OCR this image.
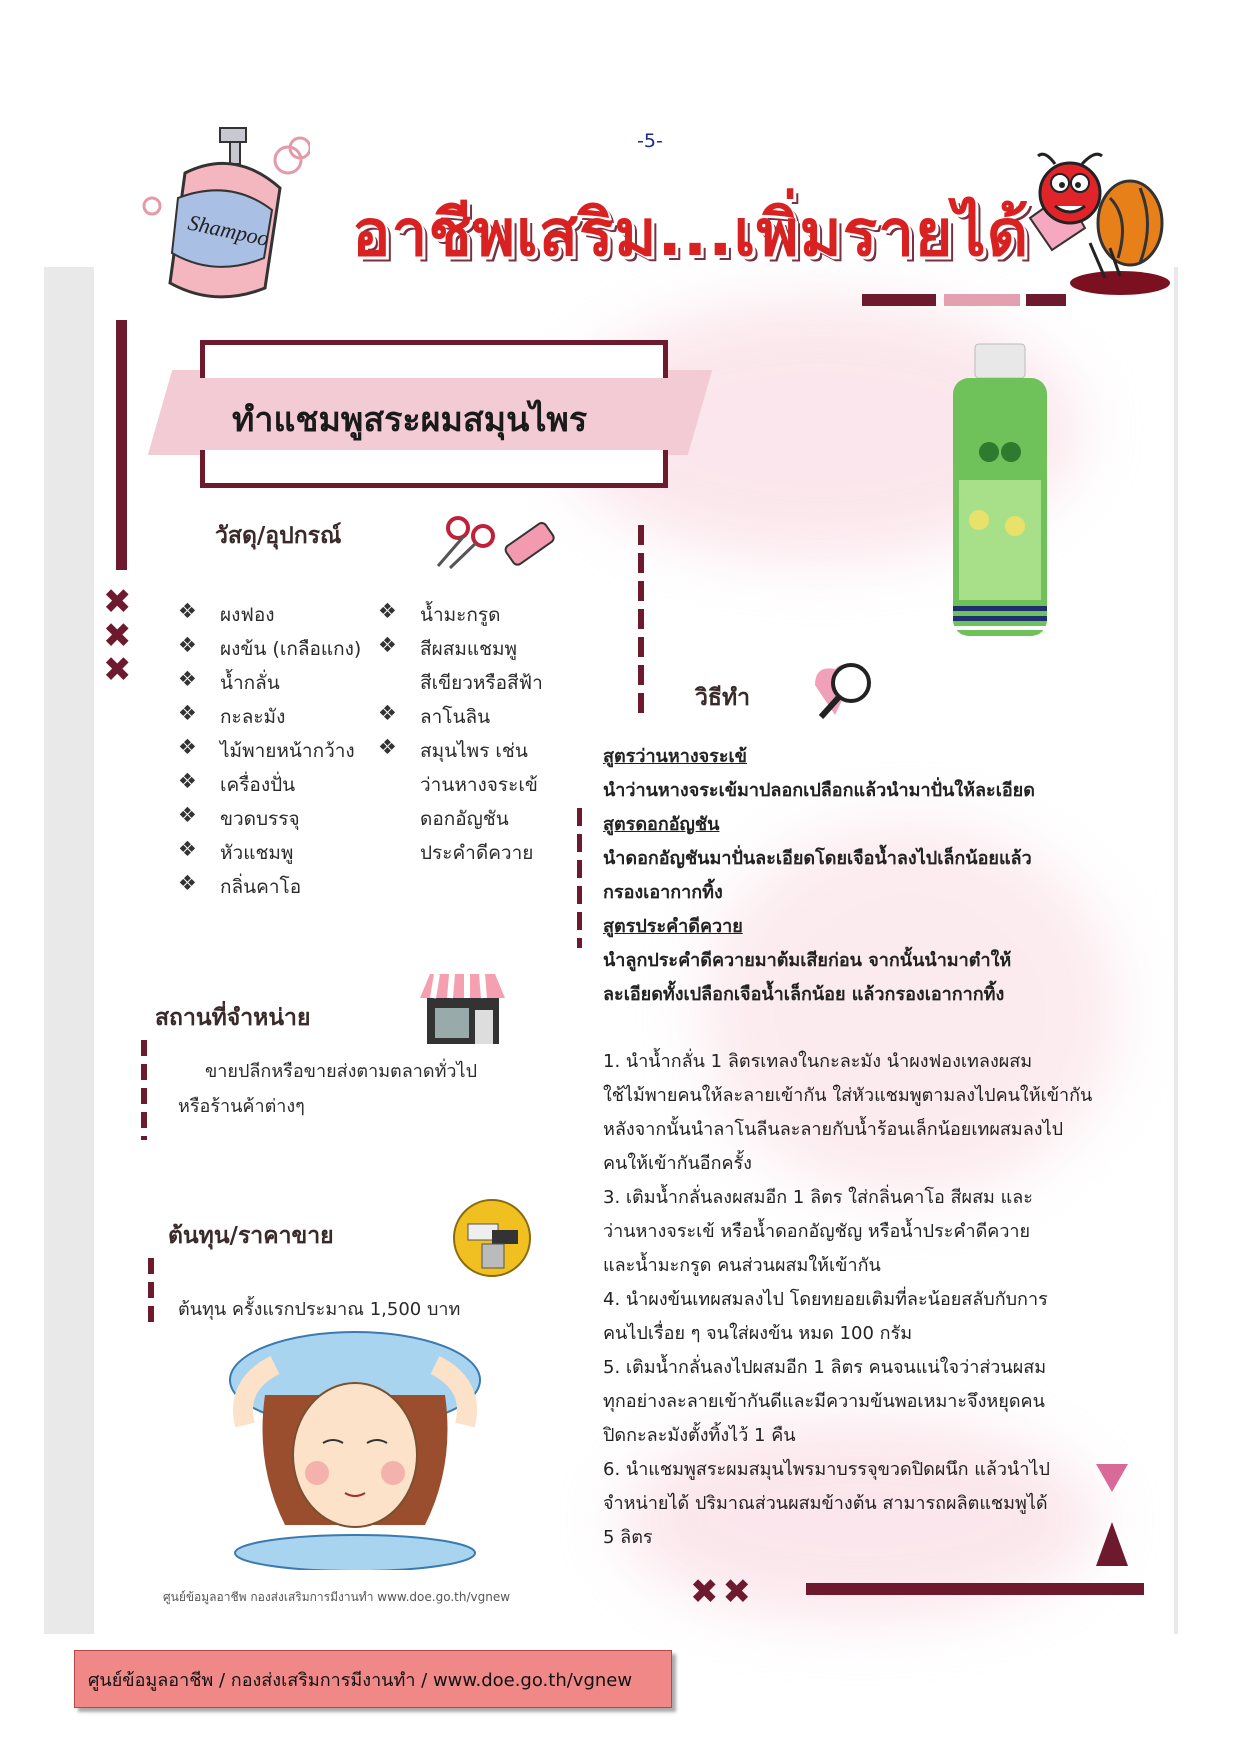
-5-
Shampoo อาชีพเสริม...เพิ่มรายได้
ทำแชมพูสระผมสมุนไพร
วัสดุ/อุปกรณ์
✖
✖
✖
❖ ผงฟอง
❖ ผงข้น (เกลือแกง)
❖ น้ำกลั่น
❖ กะละมัง
❖ ไม้พายหน้ากว้าง
❖ เครื่องปั่น
❖ ขวดบรรจุ
❖ หัวแชมพู
❖ กลิ่นคาโอ
❖ น้ำมะกรูด
❖ สีผสมแชมพู
สีเขียวหรือสีฟ้า
❖ ลาโนลิน
❖ สมุนไพร เช่น
ว่านหางจระเข้
ดอกอัญชัน
ประคำดีควาย
สถานที่จำหน่าย
ขายปลีกหรือขายส่งตามตลาดทั่วไป
หรือร้านค้าต่างๆ
ต้นทุน/ราคาขาย
ต้นทุน ครั้งแรกประมาณ 1,500 บาท
วิธีทำ
สูตรว่านหางจระเข้
นำว่านหางจระเข้มาปลอกเปลือกแล้วนำมาปั่นให้ละเอียด
สูตรดอกอัญชัน
นำดอกอัญชันมาปั่นละเอียดโดยเจือน้ำลงไปเล็กน้อยแล้ว
กรองเอากากทิ้ง
สูตรประคำดีควาย
นำลูกประคำดีควายมาต้มเสียก่อน จากนั้นนำมาตำให้
ละเอียดทั้งเปลือกเจือน้ำเล็กน้อย แล้วกรองเอากากทิ้ง
1. นำน้ำกลั่น 1 ลิตรเทลงในกะละมัง นำผงฟองเทลงผสม
ใช้ไม้พายคนให้ละลายเข้ากัน ใส่หัวแชมพูตามลงไปคนให้เข้ากัน
หลังจากนั้นนำลาโนลีนละลายกับน้ำร้อนเล็กน้อยเทผสมลงไป
คนให้เข้ากันอีกครั้ง
3. เติมน้ำกลั่นลงผสมอีก 1 ลิตร ใส่กลิ่นคาโอ สีผสม และ
ว่านหางจระเข้ หรือน้ำดอกอัญชัญ หรือน้ำประคำดีควาย
และน้ำมะกรูด คนส่วนผสมให้เข้ากัน
4. นำผงข้นเทผสมลงไป โดยทยอยเติมที่ละน้อยสลับกับการ
คนไปเรื่อย ๆ จนใส่ผงข้น หมด 100 กรัม
5. เติมน้ำกลั่นลงไปผสมอีก 1 ลิตร คนจนแน่ใจว่าส่วนผสม
ทุกอย่างละลายเข้ากันดีและมีความข้นพอเหมาะจึงหยุดคน
ปิดกะละมังตั้งทิ้งไว้ 1 คืน
6. นำแชมพูสระผมสมุนไพรมาบรรจุขวดปิดผนึก แล้วนำไป
จำหน่ายได้ ปริมาณส่วนผสมข้างต้น สามารถผลิตแชมพูได้
5 ลิตร
✖✖
ศูนย์ข้อมูลอาชีพ กองส่งเสริมการมีงานทำ www.doe.go.th/vgnew
ศูนย์ข้อมูลอาชีพ / กองส่งเสริมการมีงานทำ / www.doe.go.th/vgnew
